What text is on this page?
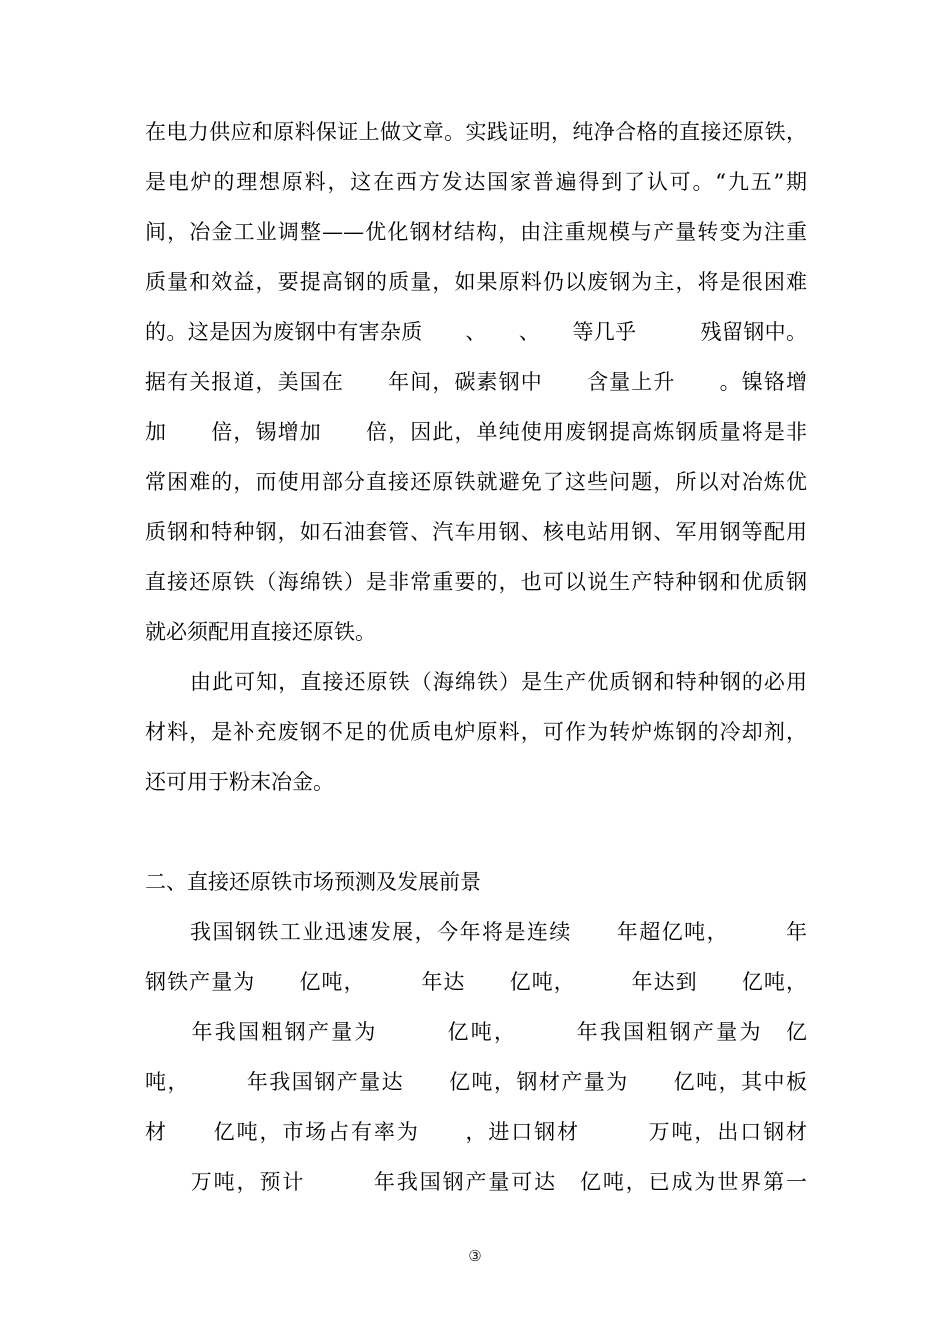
在电力供应和原料保证上做文章。实践证明，纯净合格的直接还原铁，
是电炉的理想原料，这在西方发达国家普遍得到了认可。“九五”期
间，冶金工业调整——优化钢材结构，由注重规模与产量转变为注重
质量和效益，要提高钢的质量，如果原料仍以废钢为主，将是很困难
的。这是因为废钢中有害杂质　　、　　、　　等几乎　　　残留钢中。
据有关报道，美国在　　年间，碳素钢中　　含量上升　　。镍铬增
加　　倍，锡增加　　倍，因此，单纯使用废钢提高炼钢质量将是非
常困难的，而使用部分直接还原铁就避免了这些问题，所以对冶炼优
质钢和特种钢，如石油套管、汽车用钢、核电站用钢、军用钢等配用
直接还原铁（海绵铁）是非常重要的，也可以说生产特种钢和优质钢
就必须配用直接还原铁。
由此可知，直接还原铁（海绵铁）是生产优质钢和特种钢的必用
材料，是补充废钢不足的优质电炉原料，可作为转炉炼钢的冷却剂，
还可用于粉末冶金。
二、直接还原铁市场预测及发展前景
我国钢铁工业迅速发展，今年将是连续　　年超亿吨，　　　年
钢铁产量为　　亿吨，　　　年达　　亿吨，　　　年达到　　亿吨，
　　年我国粗钢产量为　　　亿吨，　　　年我国粗钢产量为　亿
吨，　　　年我国钢产量达　　亿吨，钢材产量为　　亿吨，其中板
材　　亿吨，市场占有率为　　，进口钢材　　　万吨，出口钢材
　　万吨，预计　　　年我国钢产量可达　亿吨，已成为世界第一
③
